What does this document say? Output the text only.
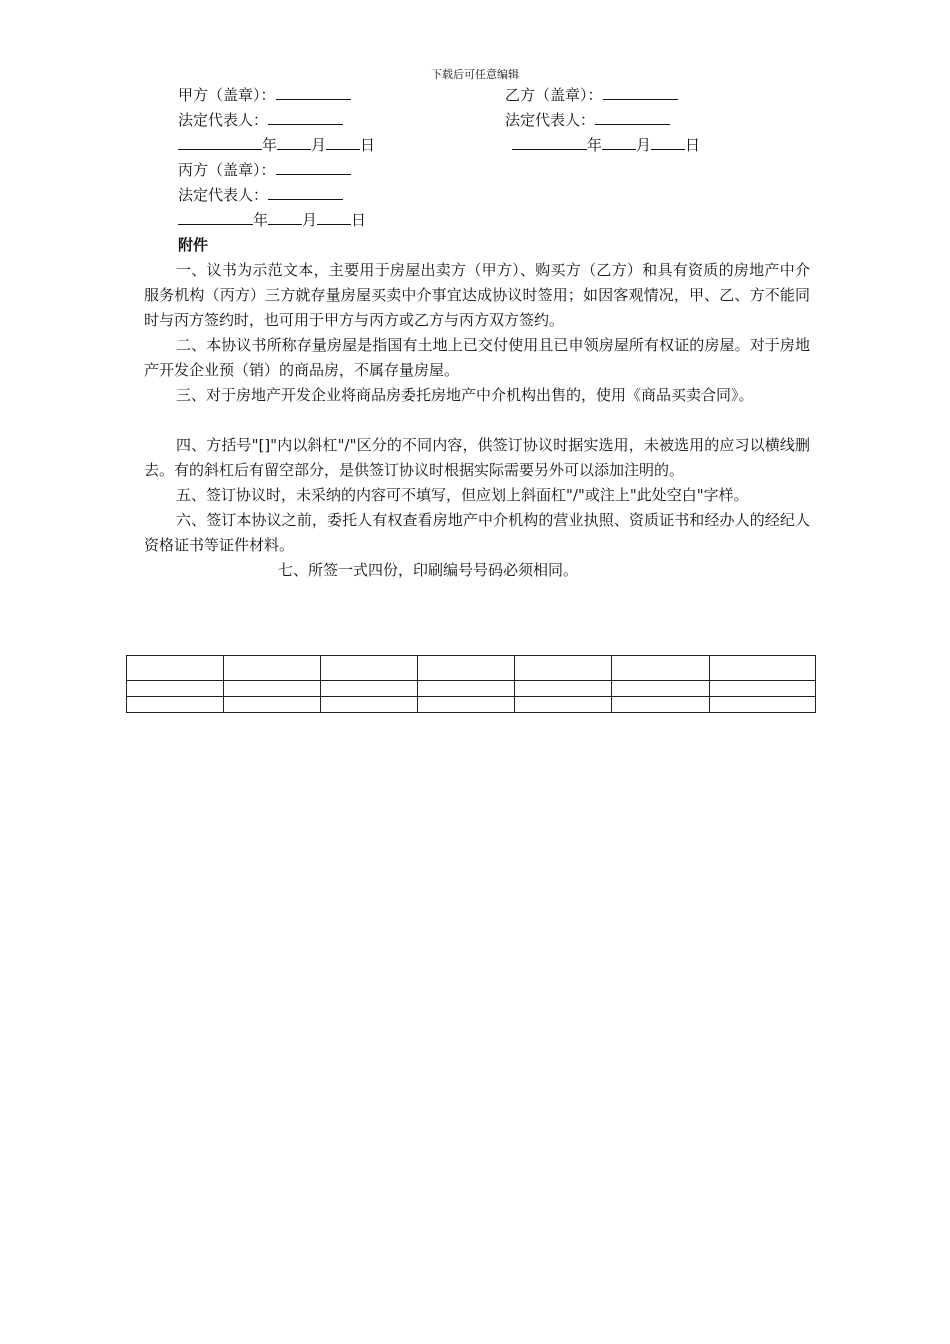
下载后可任意编辑
甲方（盖章）：	乙方（盖章）：
法定代表人：	法定代表人：
年 月 日	年 月 日
丙方（盖章）：
法定代表人：
年 月 日
附件
一、议书为示范文本，主要用于房屋出卖方（甲方）、购买方（乙方）和具有资质的房地产中介服务机构（丙方）三方就存量房屋买卖中介事宜达成协议时签用；如因客观情况，甲、乙、方不能同时与丙方签约时，也可用于甲方与丙方或乙方与丙方双方签约。
二、本协议书所称存量房屋是指国有土地上已交付使用且已申领房屋所有权证的房屋。对于房地产开发企业预（销）的商品房，不属存量房屋。
三、对于房地产开发企业将商品房委托房地产中介机构出售的，使用《商品买卖合同》。
四、方括号"[]"内以斜杠"/"区分的不同内容，供签订协议时据实选用，未被选用的应习以横线删去。有的斜杠后有留空部分，是供签订协议时根据实际需要另外可以添加注明的。
五、签订协议时，未采纳的内容可不填写，但应划上斜面杠"/"或注上"此处空白"字样。
六、签订本协议之前，委托人有权查看房地产中介机构的营业执照、资质证书和经办人的经纪人资格证书等证件材料。
七、所签一式四份，印刷编号号码必须相同。
